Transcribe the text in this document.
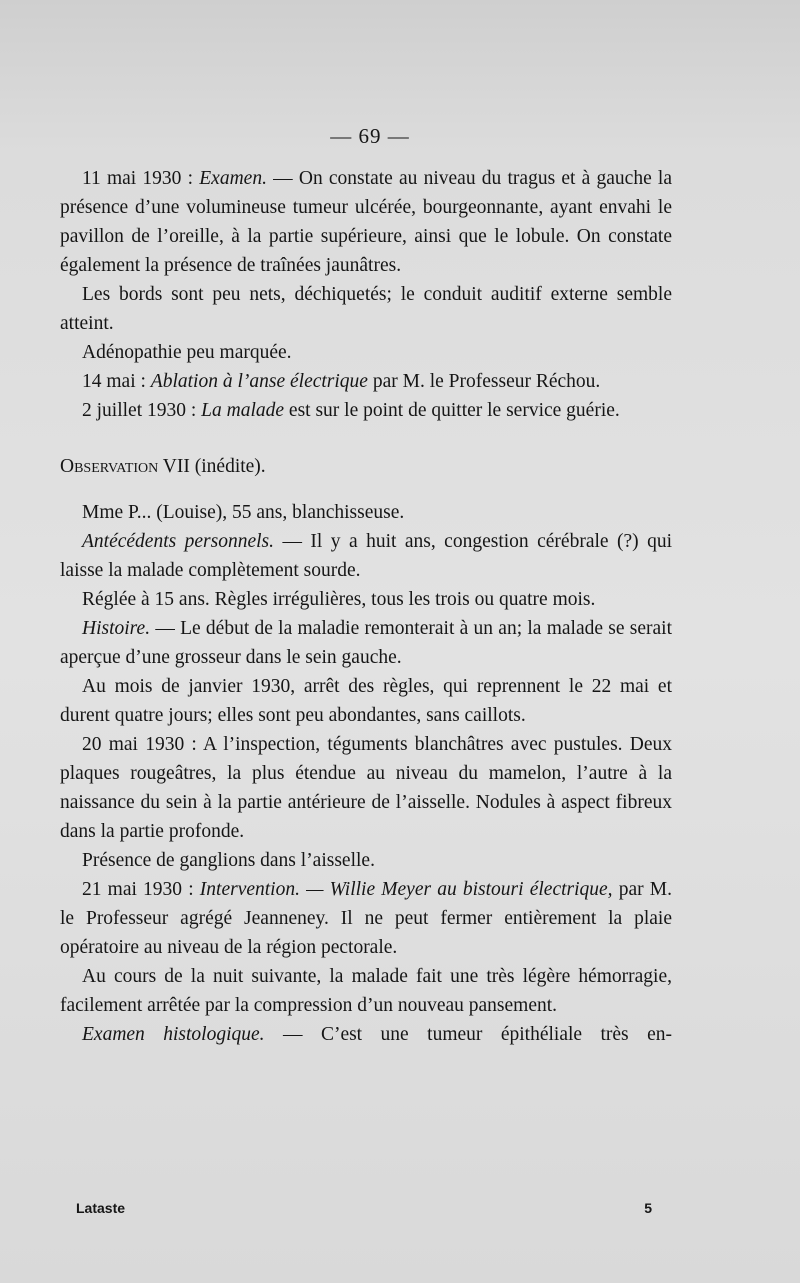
— 69 —

11 mai 1930 : Examen. — On constate au niveau du tragus et à gauche la présence d’une volumineuse tumeur ulcérée, bourgeonnante, ayant envahi le pavillon de l’oreille, à la partie supérieure, ainsi que le lobule. On constate également la présence de traînées jaunâtres.

Les bords sont peu nets, déchiquetés; le conduit auditif externe semble atteint.

Adénopathie peu marquée.

14 mai : Ablation à l’anse électrique par M. le Professeur Réchou.

2 juillet 1930 : La malade est sur le point de quitter le service guérie.

Observation VII (inédite).

Mme P... (Louise), 55 ans, blanchisseuse.

Antécédents personnels. — Il y a huit ans, congestion cérébrale (?) qui laisse la malade complètement sourde.

Réglée à 15 ans. Règles irrégulières, tous les trois ou quatre mois.

Histoire. — Le début de la maladie remonterait à un an; la malade se serait aperçue d’une grosseur dans le sein gauche.

Au mois de janvier 1930, arrêt des règles, qui reprennent le 22 mai et durent quatre jours; elles sont peu abondantes, sans caillots.

20 mai 1930 : A l’inspection, téguments blanchâtres avec pustules. Deux plaques rougeâtres, la plus étendue au niveau du mamelon, l’autre à la naissance du sein à la partie antérieure de l’aisselle. Nodules à aspect fibreux dans la partie profonde.

Présence de ganglions dans l’aisselle.

21 mai 1930 : Intervention. — Willie Meyer au bistouri électrique, par M. le Professeur agrégé Jeanneney. Il ne peut fermer entièrement la plaie opératoire au niveau de la région pectorale.

Au cours de la nuit suivante, la malade fait une très légère hémorragie, facilement arrêtée par la compression d’un nouveau pansement.

Examen histologique. — C’est une tumeur épithéliale très en-

Lataste	5
